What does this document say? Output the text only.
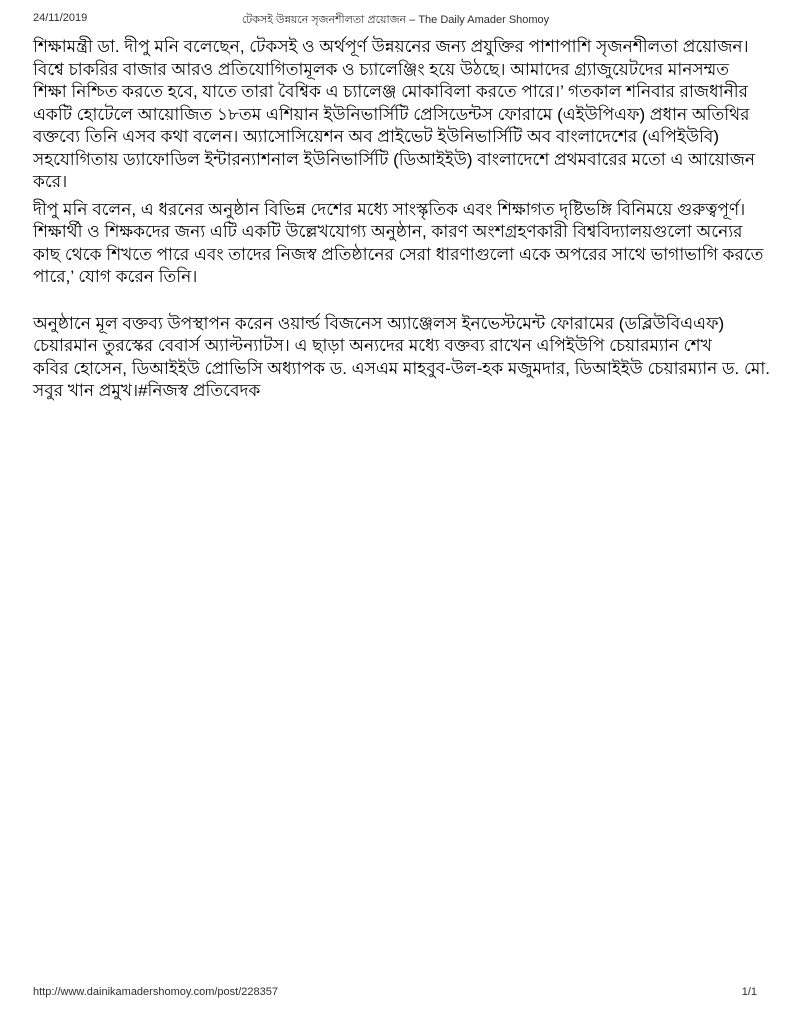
24/11/2019	টেকসই উন্নয়নে সৃজনশীলতা প্রয়োজন – The Daily Amader Shomoy
শিক্ষামন্ত্রী ডা. দীপু মনি বলেছেন, টেকসই ও অর্থপূর্ণ উন্নয়নের জন্য প্রযুক্তির পাশাপাশি সৃজনশীলতা প্রয়োজন।
বিশ্বে চাকরির বাজার আরও প্রতিযোগিতামূলক ও চ্যালেঞ্জিং হয়ে উঠছে। আমাদের গ্র্যাজুয়েটদের মানসম্মত
শিক্ষা নিশ্চিত করতে হবে, যাতে তারা বৈশ্বিক এ চ্যালেঞ্জ মোকাবিলা করতে পারে।’ গতকাল শনিবার রাজধানীর
একটি হোটেলে আয়োজিত ১৮তম এশিয়ান ইউনিভার্সিটি প্রেসিডেন্টস ফোরামে (এইউপিএফ) প্রধান অতিথির
বক্তব্যে তিনি এসব কথা বলেন। অ্যাসোসিয়েশন অব প্রাইভেট ইউনিভার্সিটি অব বাংলাদেশের (এপিইউবি)
সহযোগিতায় ড্যাফোডিল ইন্টারন্যাশনাল ইউনিভার্সিটি (ডিআইইউ) বাংলাদেশে প্রথমবারের মতো এ আয়োজন
করে।
দীপু মনি বলেন, এ ধরনের অনুষ্ঠান বিভিন্ন দেশের মধ্যে সাংস্কৃতিক এবং শিক্ষাগত দৃষ্টিভঙ্গি বিনিময়ে গুরুত্বপূর্ণ।
শিক্ষার্থী ও শিক্ষকদের জন্য এটি একটি উল্লেখযোগ্য অনুষ্ঠান, কারণ অংশগ্রহণকারী বিশ্ববিদ্যালয়গুলো অন্যের
কাছ থেকে শিখতে পারে এবং তাদের নিজস্ব প্রতিষ্ঠানের সেরা ধারণাগুলো একে অপরের সাথে ভাগাভাগি করতে
পারে,’ যোগ করেন তিনি।
অনুষ্ঠানে মূল বক্তব্য উপস্থাপন করেন ওয়ার্ল্ড বিজনেস অ্যাঞ্জেলস ইনভেস্টমেন্ট ফোরামের (ডব্লিউবিএএফ)
চেয়ারমান তুরস্কের বেবার্স অ্যাল্টন্যাটস। এ ছাড়া অন্যদের মধ্যে বক্তব্য রাখেন এপিইউপি চেয়ারম্যান শেখ
কবির হোসেন, ডিআইইউ প্রোভিসি অধ্যাপক ড. এসএম মাহবুব-উল-হক মজুমদার, ডিআইইউ চেয়ারম্যান ড. মো.
সবুর খান প্রমুখ।#নিজস্ব প্রতিবেদক
http://www.dainikamadershomoy.com/post/228357	1/1
